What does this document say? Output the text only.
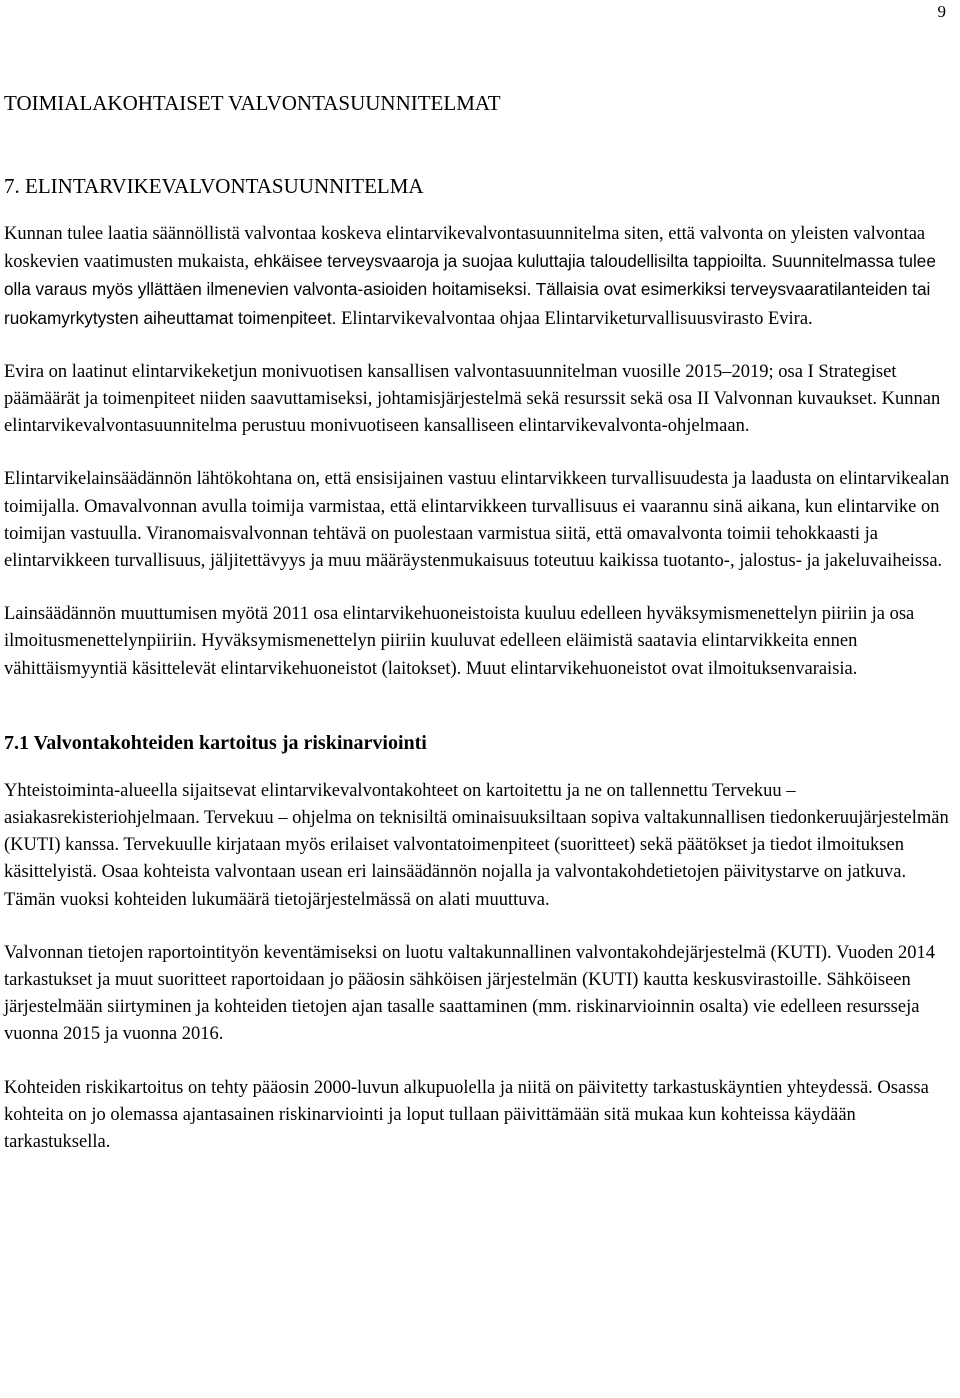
9
TOIMIALAKOHTAISET VALVONTASUUNNITELMAT
7. ELINTARVIKEVALVONTASUUNNITELMA

Kunnan tulee laatia säännöllistä valvontaa koskeva elintarvikevalvontasuunnitelma siten, että valvonta on yleisten valvontaa koskevien vaatimusten mukaista, ehkäisee terveysvaaroja ja suojaa kuluttajia taloudellisilta tappioilta. Suunnitelmassa tulee olla varaus myös yllättäen ilmenevien valvonta-asioiden hoitamiseksi. Tällaisia ovat esimerkiksi terveysvaaratilanteiden tai ruokamyrkytysten aiheuttamat toimenpiteet. Elintarvikevalvontaa ohjaa Elintarviketurvallisuusvirasto Evira.

Evira on laatinut elintarvikeketjun monivuotisen kansallisen valvontasuunnitelman vuosille 2015–2019; osa I Strategiset päämäärät ja toimenpiteet niiden saavuttamiseksi, johtamisjärjestelmä sekä resurssit sekä osa II Valvonnan kuvaukset. Kunnan elintarvikevalvontasuunnitelma perustuu monivuotiseen kansalliseen elintarvikevalvonta-ohjelmaan.

Elintarvikelainsäädännön lähtökohtana on, että ensisijainen vastuu elintarvikkeen turvallisuudesta ja laadusta on elintarvikealan toimijalla. Omavalvonnan avulla toimija varmistaa, että elintarvikkeen turvallisuus ei vaarannu sinä aikana, kun elintarvike on toimijan vastuulla. Viranomaisvalvonnan tehtävä on puolestaan varmistua siitä, että omavalvonta toimii tehokkaasti ja elintarvikkeen turvallisuus, jäljitettävyys ja muu määräystenmukaisuus toteutuu kaikissa tuotanto-, jalostus- ja jakeluvaiheissa.

Lainsäädännön muuttumisen myötä 2011 osa elintarvikehuoneistoista kuuluu edelleen hyväksymismenettelyn piiriin ja osa ilmoitusmenettelynpiiriin. Hyväksymismenettelyn piiriin kuuluvat edelleen eläimistä saatavia elintarvikkeita ennen vähittäismyyntiä käsittelevät elintarvikehuoneistot (laitokset). Muut elintarvikehuoneistot ovat ilmoituksenvaraisia.

7.1 Valvontakohteiden kartoitus ja riskinarviointi

Yhteistoiminta-alueella sijaitsevat elintarvikevalvontakohteet on kartoitettu ja ne on tallennettu Tervekuu – asiakasrekisteriohjelmaan. Tervekuu – ohjelma on teknisiltä ominaisuuksiltaan sopiva valtakunnallisen tiedonkeruujärjestelmän (KUTI) kanssa. Tervekuulle kirjataan myös erilaiset valvontatoimenpiteet (suoritteet) sekä päätökset ja tiedot ilmoituksen käsittelyistä. Osaa kohteista valvontaan usean eri lainsäädännön nojalla ja valvontakohdetietojen päivitystarve on jatkuva. Tämän vuoksi kohteiden lukumäärä tietojärjestelmässä on alati muuttuva.

Valvonnan tietojen raportointityön keventämiseksi on luotu valtakunnallinen valvontakohdejärjestelmä (KUTI). Vuoden 2014 tarkastukset ja muut suoritteet raportoidaan jo pääosin sähköisen järjestelmän (KUTI) kautta keskusvirastoille. Sähköiseen järjestelmään siirtyminen ja kohteiden tietojen ajan tasalle saattaminen (mm. riskinarvioinnin osalta) vie edelleen resursseja vuonna 2015 ja vuonna 2016.

Kohteiden riskikartoitus on tehty pääosin 2000-luvun alkupuolella ja niitä on päivitetty tarkastuskäyntien yhteydessä. Osassa kohteita on jo olemassa ajantasainen riskinarviointi ja loput tullaan päivittämään sitä mukaa kun kohteissa käydään tarkastuksella.
